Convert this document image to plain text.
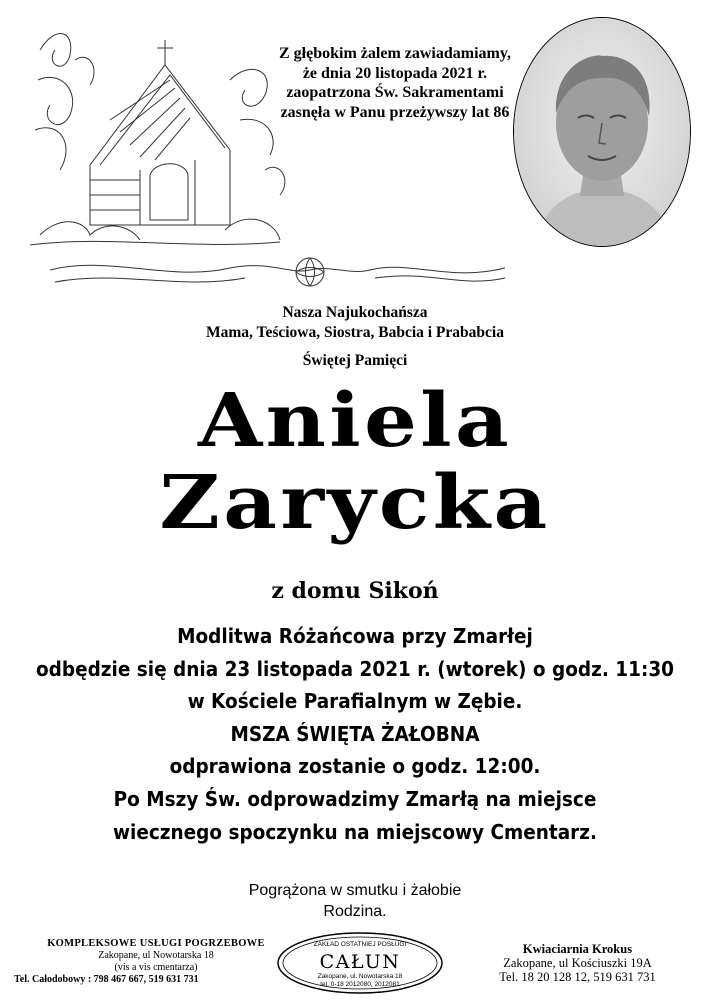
Z głębokim żalem zawiadamiamy,
że dnia 20 listopada 2021 r.
zaopatrzona Św. Sakramentami
zasnęła w Panu przeżywszy lat 86
Nasza Najukochańsza
Mama, Teściowa, Siostra, Babcia i Prababcia
Świętej Pamięci
Aniela
Zarycka
z domu Sikoń
Modlitwa Różańcowa przy Zmarłej
odbędzie się dnia 23 listopada 2021 r. (wtorek) o godz. 11:30
w Kościele Parafialnym w Zębie.
MSZA ŚWIĘTA ŻAŁOBNA
odprawiona zostanie o godz. 12:00.
Po Mszy Św. odprowadzimy Zmarłą na miejsce
wiecznego spoczynku na miejscowy Cmentarz.
Pogrążona w smutku i żałobie
Rodzina.
KOMPLEKSOWE USŁUGI POGRZEBOWE
Zakopane, ul Nowotarska 18
(vis a vis cmentarza)
Tel. Całodobowy : 798 467 667, 519 631 731
ZAKŁAD OSTATNIEJ POSŁUGI
CAŁUN
Zakopane, ul. Nowotarska 18
tel. 0-18 2012080, 2012081
Kwiaciarnia Krokus
Zakopane, ul Kościuszki 19A
Tel. 18 20 128 12, 519 631 731
